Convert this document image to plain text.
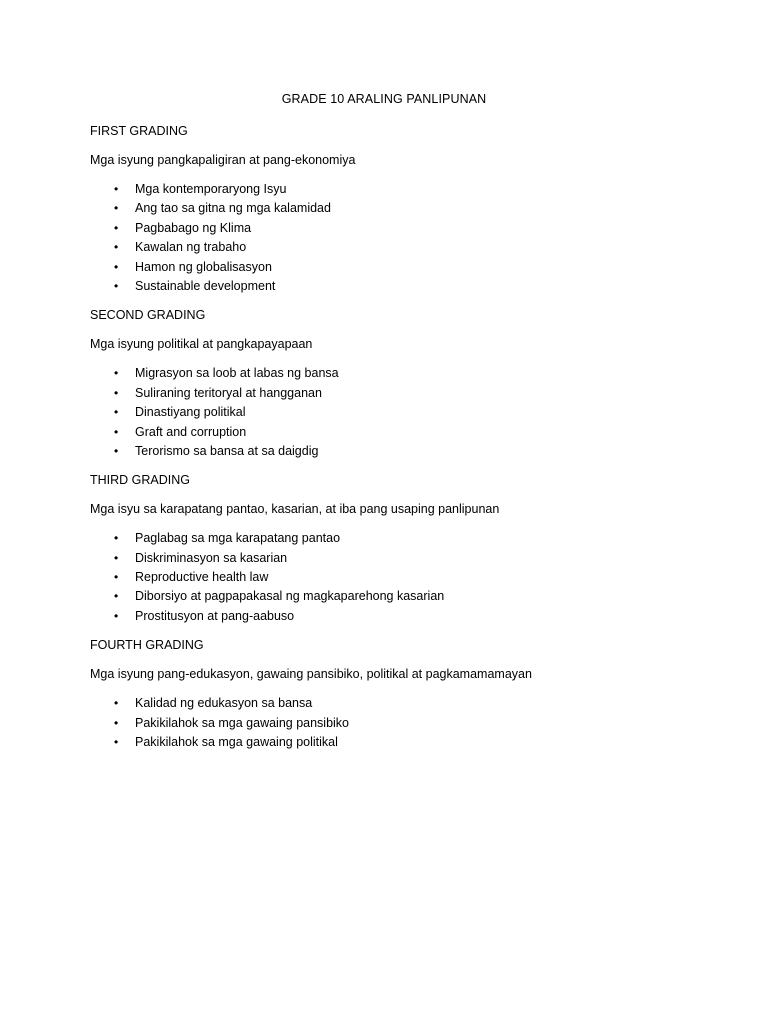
GRADE 10 ARALING PANLIPUNAN
FIRST GRADING
Mga isyung pangkapaligiran at pang-ekonomiya
• Mga kontemporaryong Isyu
• Ang tao sa gitna ng mga kalamidad
• Pagbabago ng Klima
• Kawalan ng trabaho
• Hamon ng globalisasyon
• Sustainable development
SECOND GRADING
Mga isyung politikal at pangkapayapaan
• Migrasyon sa loob at labas ng bansa
• Suliraning teritoryal at hangganan
• Dinastiyang politikal
• Graft and corruption
• Terorismo sa bansa at sa daigdig
THIRD GRADING
Mga isyu sa karapatang pantao, kasarian, at iba pang usaping panlipunan
• Paglabag sa mga karapatang pantao
• Diskriminasyon sa kasarian
• Reproductive health law
• Diborsiyo at pagpapakasal ng magkaparehong kasarian
• Prostitusyon at pang-aabuso
FOURTH GRADING
Mga isyung pang-edukasyon, gawaing pansibiko, politikal at pagkamamamayan
• Kalidad ng edukasyon sa bansa
• Pakikilahok sa mga gawaing pansibiko
• Pakikilahok sa mga gawaing politikal
